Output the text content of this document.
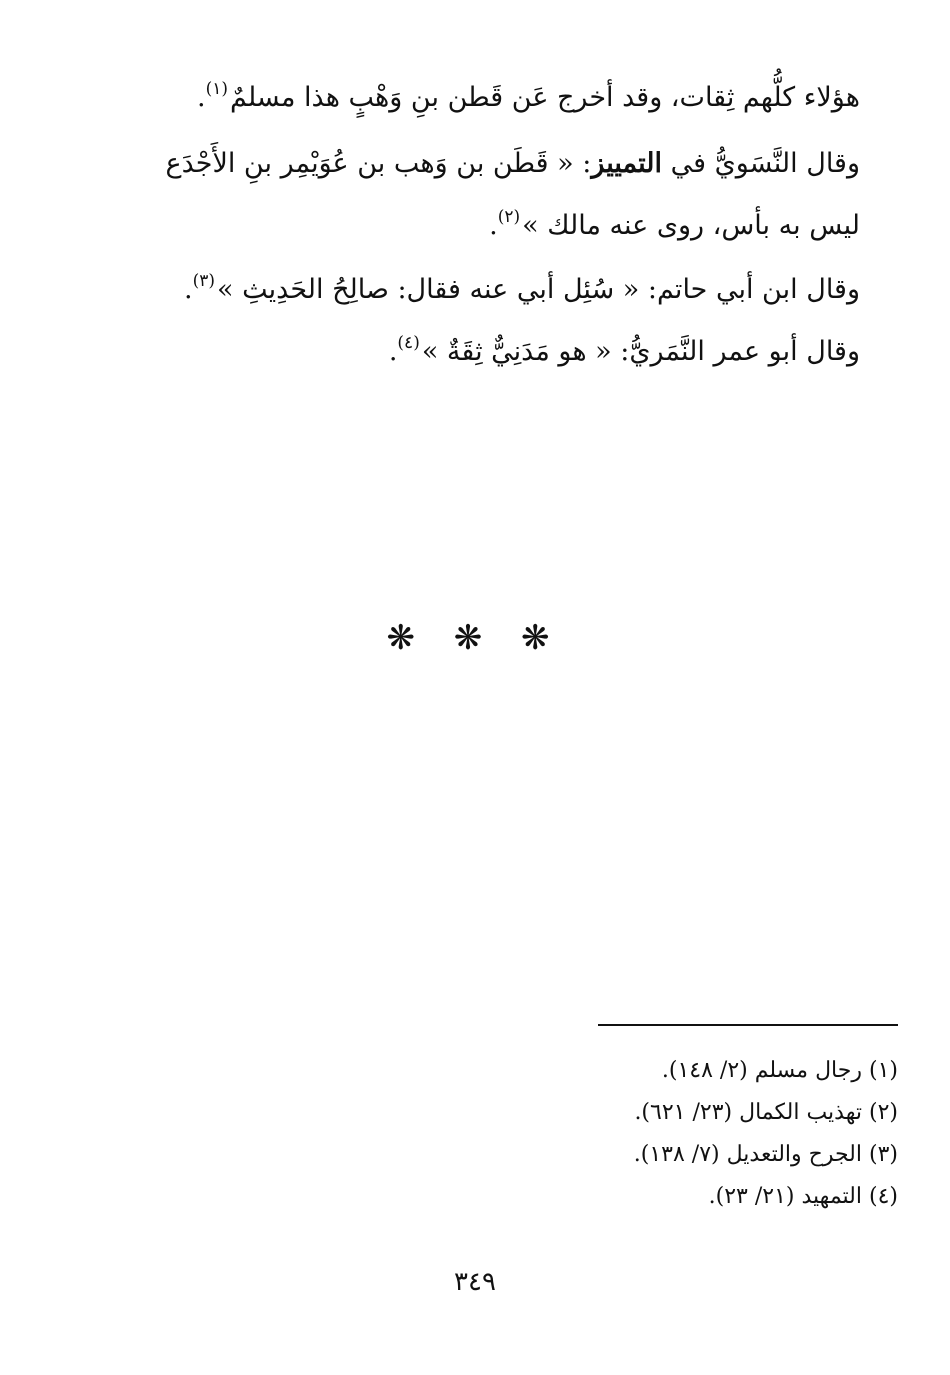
هؤلاء كلُّهم ثِقات، وقد أخرج عَن قَطن بنِ وَهْبٍ هذا مسلمٌ$^{(١)}$.
وقال النَّسَويُّ في التمييز: « قَطَن بن وَهب بن عُوَيْمِر بنِ الأَجْدَع
ليس به بأس، روى عنه مالك »$^{(٢)}$.
وقال ابن أبي حاتم: « سُئِل أبي عنه فقال: صالِحُ الحَدِيثِ »$^{(٣)}$.
وقال أبو عمر النَّمَريُّ: « هو مَدَنِيٌّ ثِقَةٌ »$^{(٤)}$.
❋ ❋ ❋
(١) رجال مسلم (٢/ ١٤٨).
(٢) تهذيب الكمال (٢٣/ ٦٢١).
(٣) الجرح والتعديل (٧/ ١٣٨).
(٤) التمهيد (٢١/ ٢٣).
٣٤٩
